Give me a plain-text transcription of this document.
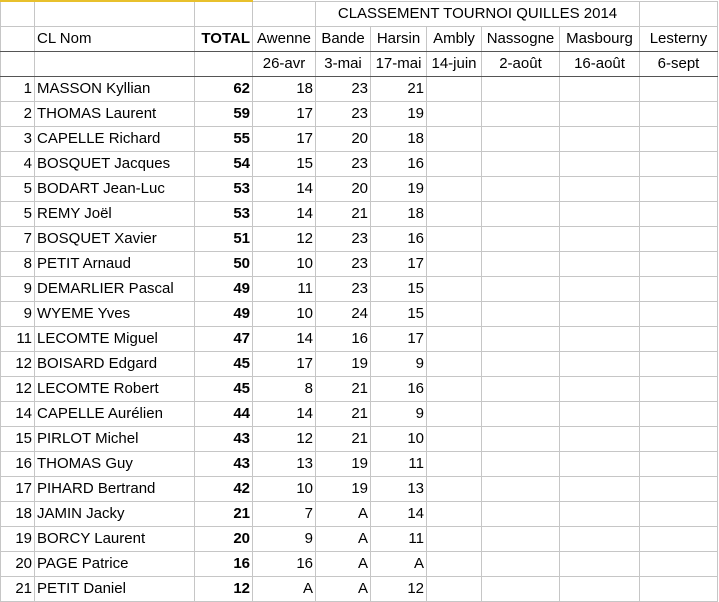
				CLASSEMENT TOURNOI QUILLES 2014					
	CL Nom	TOTAL	Awenne	Bande	Harsin	Ambly	Nassogne	Masbourg	Lesterny
			26-avr	3-mai	17-mai	14-juin	2-août	16-août	6-sept
1	MASSON Kyllian	62	18	23	21				
2	THOMAS Laurent	59	17	23	19				
3	CAPELLE Richard	55	17	20	18				
4	BOSQUET Jacques	54	15	23	16				
5	BODART Jean-Luc	53	14	20	19				
5	REMY Joël	53	14	21	18				
7	BOSQUET Xavier	51	12	23	16				
8	PETIT Arnaud	50	10	23	17				
9	DEMARLIER Pascal	49	11	23	15				
9	WYEME Yves	49	10	24	15				
11	LECOMTE Miguel	47	14	16	17				
12	BOISARD Edgard	45	17	19	9				
12	LECOMTE Robert	45	8	21	16				
14	CAPELLE Aurélien	44	14	21	9				
15	PIRLOT Michel	43	12	21	10				
16	THOMAS Guy	43	13	19	11				
17	PIHARD Bertrand	42	10	19	13				
18	JAMIN Jacky	21	7	A	14				
19	BORCY Laurent	20	9	A	11				
20	PAGE Patrice	16	16	A	A				
21	PETIT Daniel	12	A	A	12				
